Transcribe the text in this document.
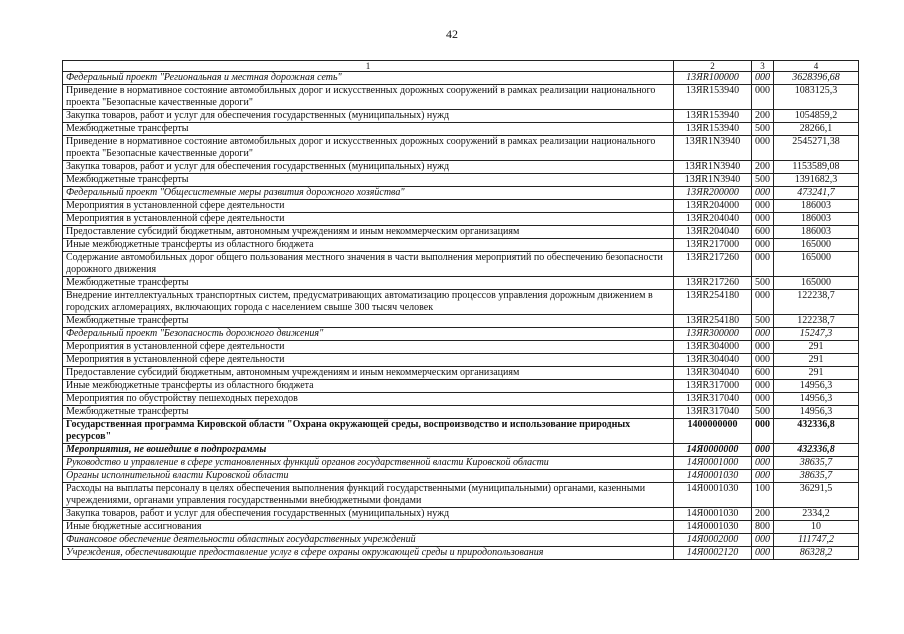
42
1	2	3	4
Федеральный проект "Региональная и местная дорожная сеть"	13ЯR100000	000	3628396,68
Приведение в нормативное состояние автомобильных дорог и искусственных дорожных сооружений в рамках реализации национального проекта "Безопасные качественные дороги"	13ЯR153940	000	1083125,3
Закупка товаров, работ и услуг для обеспечения государственных (муниципальных) нужд	13ЯR153940	200	1054859,2
Межбюджетные трансферты	13ЯR153940	500	28266,1
Приведение в нормативное состояние автомобильных дорог и искусственных дорожных сооружений в рамках реализации национального проекта "Безопасные качественные дороги"	13ЯR1N3940	000	2545271,38
Закупка товаров, работ и услуг для обеспечения государственных (муниципальных) нужд	13ЯR1N3940	200	1153589,08
Межбюджетные трансферты	13ЯR1N3940	500	1391682,3
Федеральный проект "Общесистемные меры развития дорожного хозяйства"	13ЯR200000	000	473241,7
Мероприятия в установленной сфере деятельности	13ЯR204000	000	186003
Мероприятия в установленной сфере деятельности	13ЯR204040	000	186003
Предоставление субсидий бюджетным, автономным учреждениям и иным некоммерческим организациям	13ЯR204040	600	186003
Иные межбюджетные трансферты из областного бюджета	13ЯR217000	000	165000
Содержание автомобильных дорог общего пользования местного значения в части выполнения мероприятий по обеспечению безопасности дорожного движения	13ЯR217260	000	165000
Межбюджетные трансферты	13ЯR217260	500	165000
Внедрение интеллектуальных транспортных систем, предусматривающих автоматизацию процессов управления дорожным движением в городских агломерациях, включающих города с населением свыше 300 тысяч человек	13ЯR254180	000	122238,7
Межбюджетные трансферты	13ЯR254180	500	122238,7
Федеральный проект "Безопасность дорожного движения"	13ЯR300000	000	15247,3
Мероприятия в установленной сфере деятельности	13ЯR304000	000	291
Мероприятия в установленной сфере деятельности	13ЯR304040	000	291
Предоставление субсидий бюджетным, автономным учреждениям и иным некоммерческим организациям	13ЯR304040	600	291
Иные межбюджетные трансферты из областного бюджета	13ЯR317000	000	14956,3
Мероприятия по обустройству пешеходных переходов	13ЯR317040	000	14956,3
Межбюджетные трансферты	13ЯR317040	500	14956,3
Государственная программа Кировской области "Охрана окружающей среды, воспроизводство и использование природных ресурсов"	1400000000	000	432336,8
Мероприятия, не вошедшие в подпрограммы	14Я0000000	000	432336,8
Руководство и управление в сфере установленных функций органов государственной власти Кировской области	14Я0001000	000	38635,7
Органы исполнительной власти Кировской области	14Я0001030	000	38635,7
Расходы на выплаты персоналу в целях обеспечения выполнения функций государственными (муниципальными) органами, казенными учреждениями, органами управления государственными внебюджетными фондами	14Я0001030	100	36291,5
Закупка товаров, работ и услуг для обеспечения государственных (муниципальных) нужд	14Я0001030	200	2334,2
Иные бюджетные ассигнования	14Я0001030	800	10
Финансовое обеспечение деятельности областных государственных учреждений	14Я0002000	000	111747,2
Учреждения, обеспечивающие предоставление услуг в сфере охраны окружающей среды и природопользования	14Я0002120	000	86328,2
